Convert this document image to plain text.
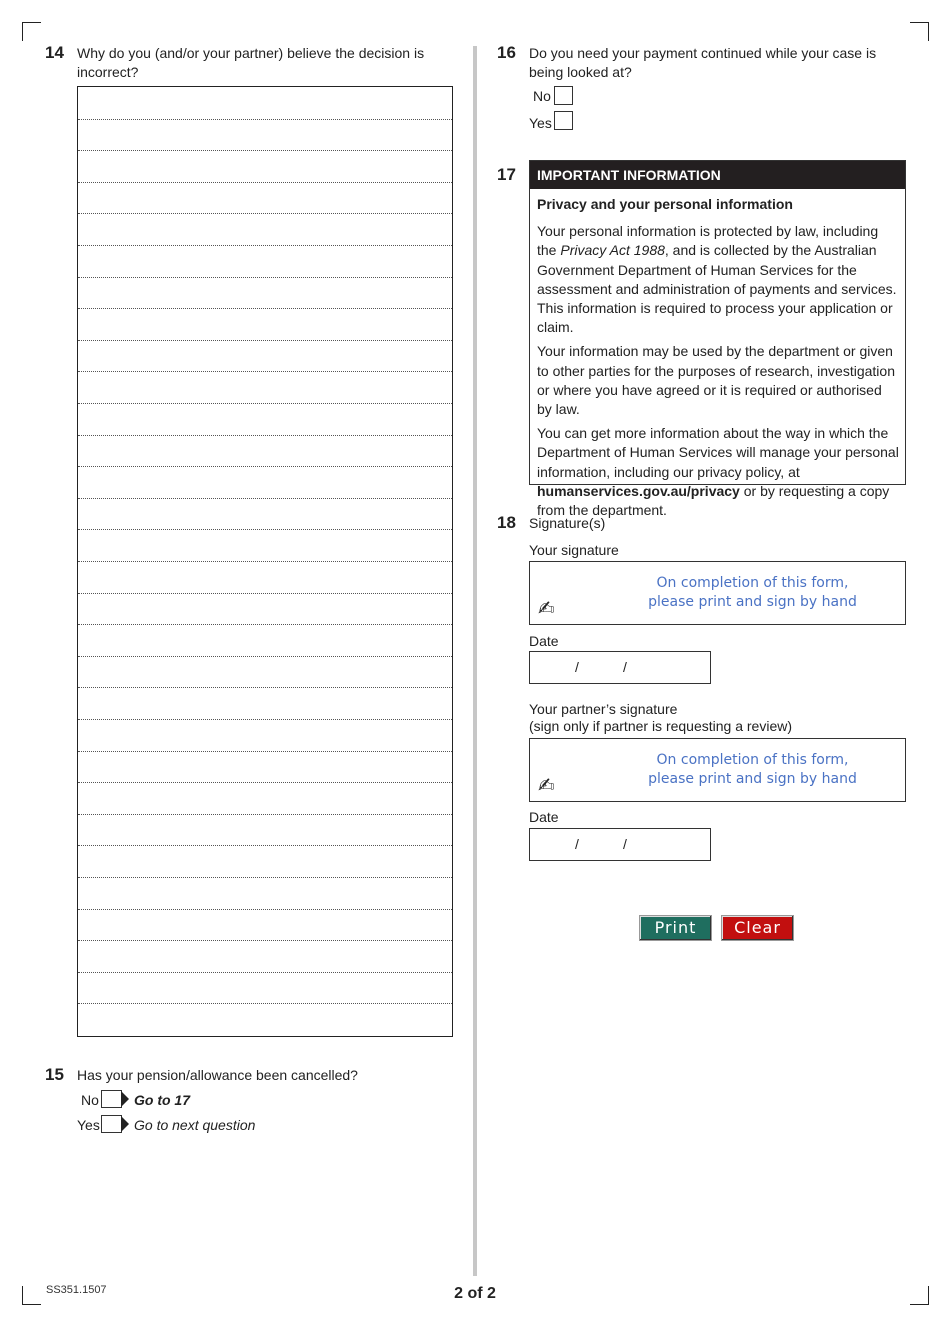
14 Why do you (and/or your partner) believe the decision is incorrect?
15 Has your pension/allowance been cancelled?
No	Go to 17
Yes Go to next question
16 Do you need your payment continued while your case is being looked at?
No
Yes
17	IMPORTANT INFORMATION

Privacy and your personal information

Your personal information is protected by law, including the Privacy Act 1988, and is collected by the Australian Government Department of Human Services for the assessment and administration of payments and services. This information is required to process your application or claim.

Your information may be used by the department or given to other parties for the purposes of research, investigation or where you have agreed or it is required or authorised by law.

You can get more information about the way in which the Department of Human Services will manage your personal information, including our privacy policy, at humanservices.gov.au/privacy or by requesting a copy from the department.

18 Signature(s)
Your signature
On completion of this form,
please print and sign by hand
✍
Date
/	/
Your partner’s signature
(sign only if partner is requesting a review)
On completion of this form,
please print and sign by hand
✍
Date
/	/
Print	Clear
SS351.1507	2 of 2
